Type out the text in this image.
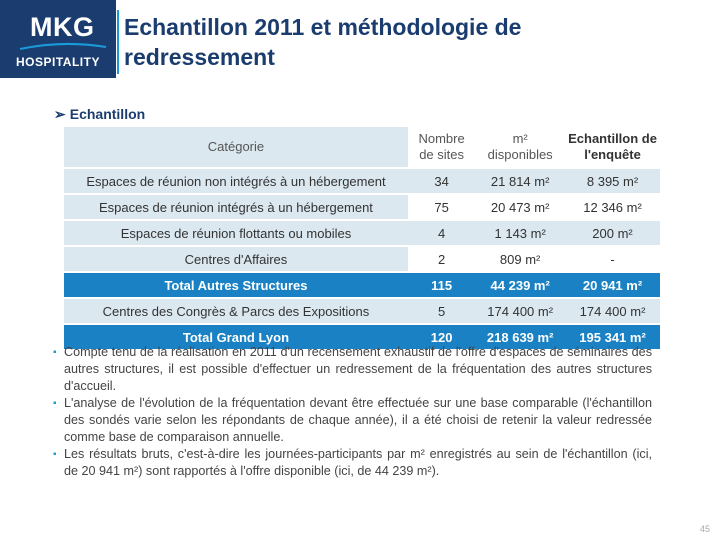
MKG
HOSPITALITY
Echantillon 2011 et méthodologie de redressement
➢ Echantillon
Catégorie	Nombre de sites	m² disponibles	Echantillon de l'enquête
Espaces de réunion non intégrés à un hébergement	34	21 814 m²	8 395 m²
Espaces de réunion intégrés à un hébergement	75	20 473 m²	12 346 m²
Espaces de réunion flottants ou mobiles	4	1 143 m²	200 m²
Centres d'Affaires	2	809 m²	-
Total Autres Structures	115	44 239 m²	20 941 m²
Centres des Congrès & Parcs des Expositions	5	174 400 m²	174 400 m²
Total Grand Lyon	120	218 639 m²	195 341 m²
▪ Compte tenu de la réalisation en 2011 d'un recensement exhaustif de l'offre d'espaces de séminaires des autres structures, il est possible d'effectuer un redressement de la fréquentation des autres structures d'accueil.
▪ L'analyse de l'évolution de la fréquentation devant être effectuée sur une base comparable (l'échantillon des sondés varie selon les répondants de chaque année), il a été choisi de retenir la valeur redressée comme base de comparaison annuelle.
▪ Les résultats bruts, c'est-à-dire les journées-participants par m² enregistrés au sein de l'échantillon (ici, de 20 941 m²) sont rapportés à l'offre disponible (ici, de 44 239 m²).
45
